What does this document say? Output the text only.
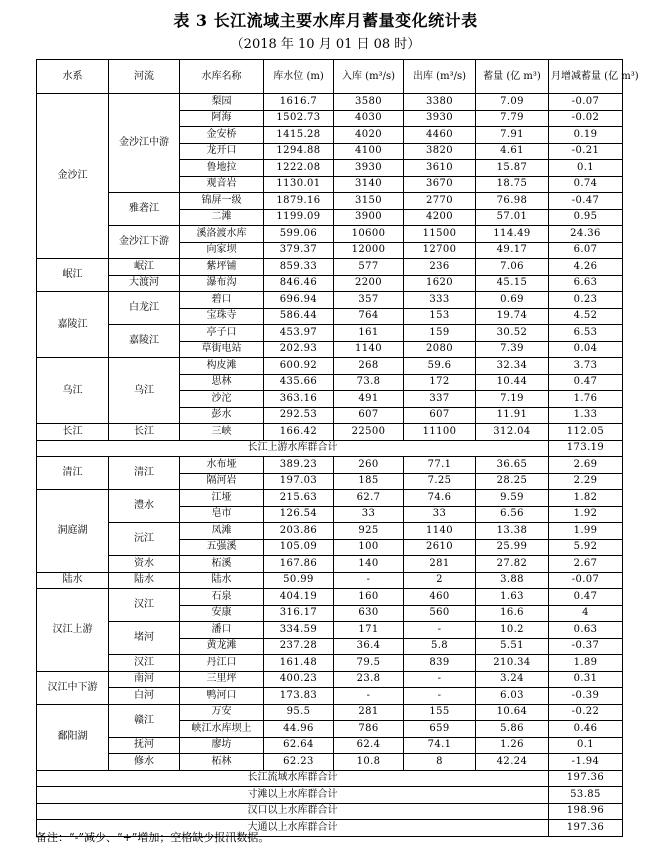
表 3 长江流域主要水库月蓄量变化统计表
（2018 年 10 月 01 日 08 时）
水系	河流	水库名称	库水位 (m)	入库 (m³/s)	出库 (m³/s)	蓄量 (亿 m³)	月增减蓄量 (亿 m³)
金沙江	金沙江中游	梨园	1616.7	3580	3380	7.09	-0.07
		阿海	1502.73	4030	3930	7.79	-0.02
		金安桥	1415.28	4020	4460	7.91	0.19
		龙开口	1294.88	4100	3820	4.61	-0.21
		鲁地拉	1222.08	3930	3610	15.87	0.1
		观音岩	1130.01	3140	3670	18.75	0.74
	雅砻江	锦屏一级	1879.16	3150	2770	76.98	-0.47
		二滩	1199.09	3900	4200	57.01	0.95
	金沙江下游	溪洛渡水库	599.06	10600	11500	114.49	24.36
		向家坝	379.37	12000	12700	49.17	6.07
岷江	岷江	紫坪铺	859.33	577	236	7.06	4.26
	大渡河	瀑布沟	846.46	2200	1620	45.15	6.63
嘉陵江	白龙江	碧口	696.94	357	333	0.69	0.23
		宝珠寺	586.44	764	153	19.74	4.52
	嘉陵江	亭子口	453.97	161	159	30.52	6.53
		草街电站	202.93	1140	2080	7.39	0.04
乌江	乌江	构皮滩	600.92	268	59.6	32.34	3.73
		思林	435.66	73.8	172	10.44	0.47
		沙沱	363.16	491	337	7.19	1.76
		彭水	292.53	607	607	11.91	1.33
长江	长江	三峡	166.42	22500	11100	312.04	112.05
长江上游水库群合计							173.19
清江	清江	水布垭	389.23	260	77.1	36.65	2.69
		隔河岩	197.03	185	7.25	28.25	2.29
洞庭湖	澧水	江垭	215.63	62.7	74.6	9.59	1.82
		皂市	126.54	33	33	6.56	1.92
	沅江	凤滩	203.86	925	1140	13.38	1.99
		五强溪	105.09	100	2610	25.99	5.92
	资水	柘溪	167.86	140	281	27.82	2.67
陆水	陆水	陆水	50.99	-	2	3.88	-0.07
汉江上游	汉江	石泉	404.19	160	460	1.63	0.47
		安康	316.17	630	560	16.6	4
	堵河	潘口	334.59	171	-	10.2	0.63
		黄龙滩	237.28	36.4	5.8	5.51	-0.37
	汉江	丹江口	161.48	79.5	839	210.34	1.89
汉江中下游	南河	三里坪	400.23	23.8	-	3.24	0.31
	白河	鸭河口	173.83	-	-	6.03	-0.39
鄱阳湖	赣江	万安	95.5	281	155	10.64	-0.22
		峡江水库坝上	44.96	786	659	5.86	0.46
	抚河	廖坊	62.64	62.4	74.1	1.26	0.1
	修水	柘林	62.23	10.8	8	42.24	-1.94
长江流域水库群合计							197.36
寸滩以上水库群合计							53.85
汉口以上水库群合计							198.96
大通以上水库群合计							197.36
备注：“-”减少、“+”增加；空格缺少报汛数据。
